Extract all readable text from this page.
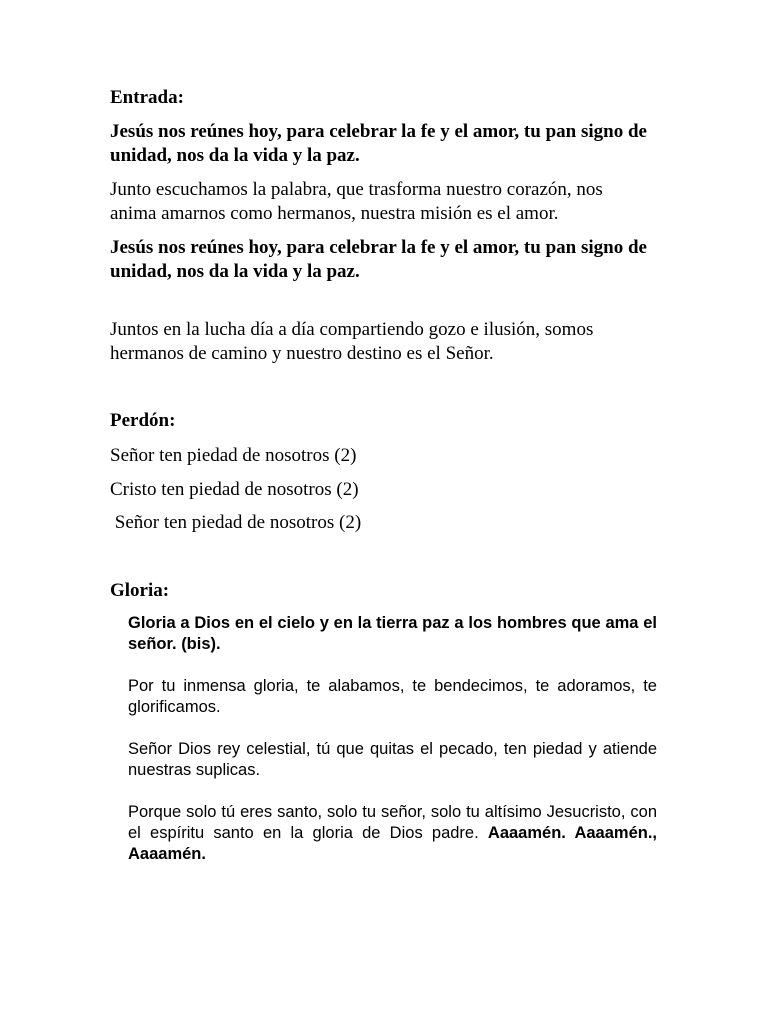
Entrada:

Jesús nos reúnes hoy, para celebrar la fe y el amor, tu pan signo de unidad, nos da la vida y la paz.

Junto escuchamos la palabra, que trasforma nuestro corazón, nos anima amarnos como hermanos, nuestra misión es el amor.

Jesús nos reúnes hoy, para celebrar la fe y el amor, tu pan signo de unidad, nos da la vida y la paz.

Juntos en la lucha día a día compartiendo gozo e ilusión, somos hermanos de camino y nuestro destino es el Señor.

Perdón:

Señor ten piedad de nosotros (2)

Cristo ten piedad de nosotros (2)

Señor ten piedad de nosotros (2)

Gloria:

Gloria a Dios en el cielo y en la tierra paz a los hombres que ama el señor. (bis).

Por tu inmensa gloria, te alabamos, te bendecimos, te adoramos, te glorificamos.

Señor Dios rey celestial, tú que quitas el pecado, ten piedad y atiende nuestras suplicas.

Porque solo tú eres santo, solo tu señor, solo tu altísimo Jesucristo, con el espíritu santo en la gloria de Dios padre. Aaaamén. Aaaamén., Aaaamén.
